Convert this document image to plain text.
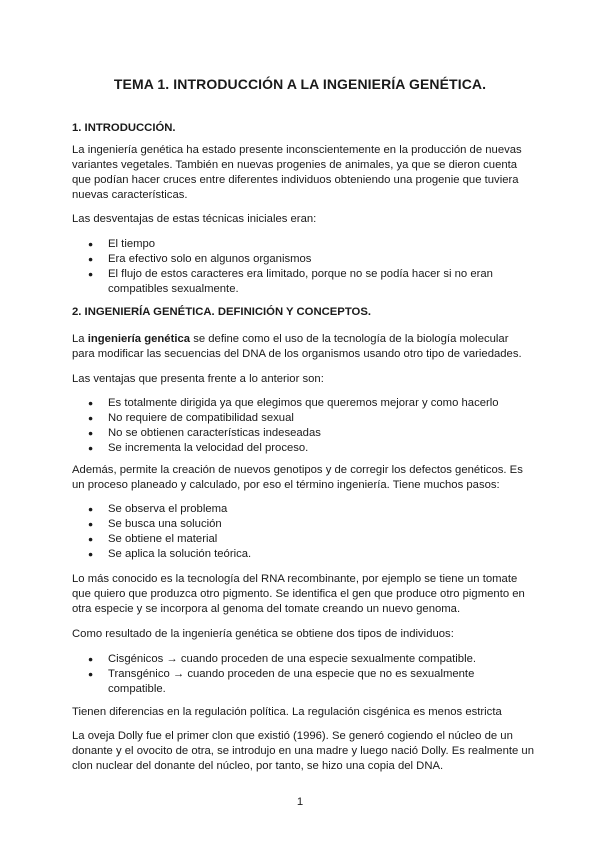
TEMA 1. INTRODUCCIÓN A LA INGENIERÍA GENÉTICA.
1. INTRODUCCIÓN.

La ingeniería genética ha estado presente inconscientemente en la producción de nuevas variantes vegetales. También en nuevas progenies de animales, ya que se dieron cuenta que podían hacer cruces entre diferentes individuos obteniendo una progenie que tuviera nuevas características.

Las desventajas de estas técnicas iniciales eran:

● El tiempo
● Era efectivo solo en algunos organismos
● El flujo de estos caracteres era limitado, porque no se podía hacer si no eran compatibles sexualmente.
2. INGENIERÍA GENÉTICA. DEFINICIÓN Y CONCEPTOS.

La ingeniería genética se define como el uso de la tecnología de la biología molecular para modificar las secuencias del DNA de los organismos usando otro tipo de variedades.

Las ventajas que presenta frente a lo anterior son:

● Es totalmente dirigida ya que elegimos que queremos mejorar y como hacerlo
● No requiere de compatibilidad sexual
● No se obtienen características indeseadas
● Se incrementa la velocidad del proceso.

Además, permite la creación de nuevos genotipos y de corregir los defectos genéticos. Es un proceso planeado y calculado, por eso el término ingeniería. Tiene muchos pasos:

● Se observa el problema
● Se busca una solución
● Se obtiene el material
● Se aplica la solución teórica.

Lo más conocido es la tecnología del RNA recombinante, por ejemplo se tiene un tomate que quiero que produzca otro pigmento. Se identifica el gen que produce otro pigmento en otra especie y se incorpora al genoma del tomate creando un nuevo genoma.

Como resultado de la ingeniería genética se obtiene dos tipos de individuos:

● Cisgénicos → cuando proceden de una especie sexualmente compatible.
● Transgénico → cuando proceden de una especie que no es sexualmente compatible.

Tienen diferencias en la regulación política. La regulación cisgénica es menos estricta

La oveja Dolly fue el primer clon que existió (1996). Se generó cogiendo el núcleo de un donante y el ovocito de otra, se introdujo en una madre y luego nació Dolly. Es realmente un clon nuclear del donante del núcleo, por tanto, se hizo una copia del DNA.

1
